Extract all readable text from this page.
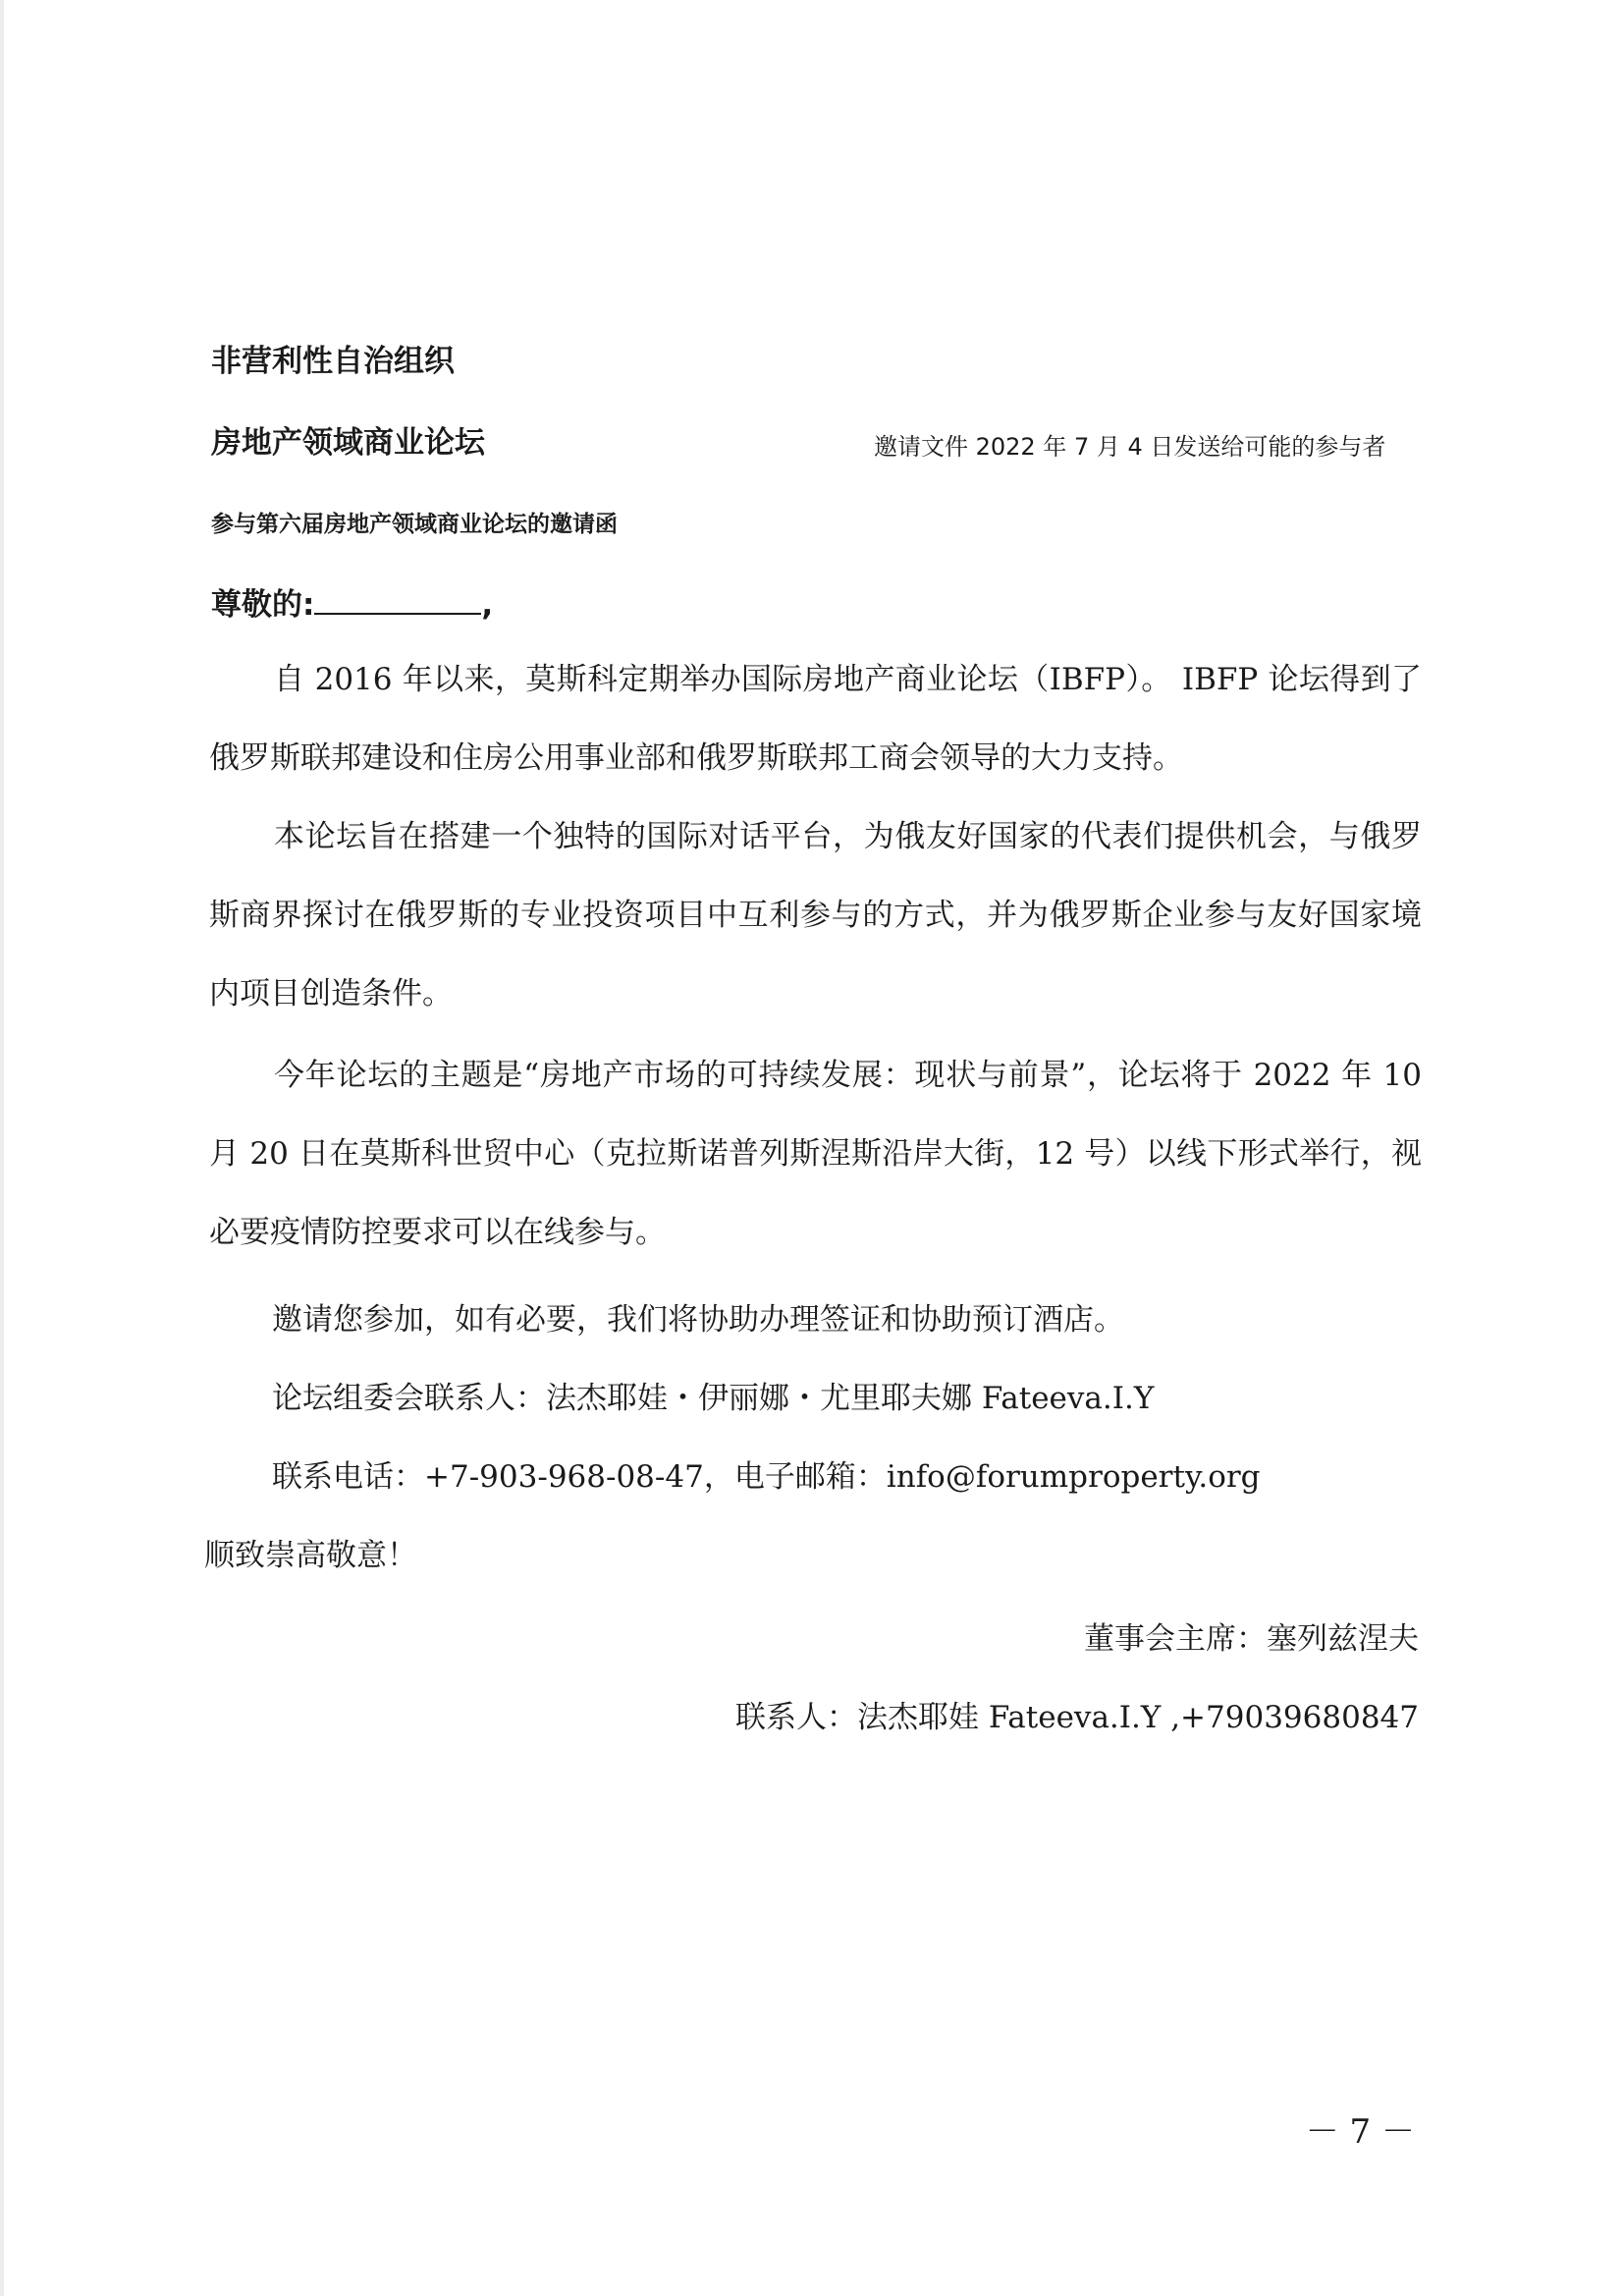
非营利性自治组织
房地产领域商业论坛	邀请文件 2022 年 7 月 4 日发送给可能的参与者
参与第六届房地产领域商业论坛的邀请函
尊敬的:	,
自 2016 年以来，莫斯科定期举办国际房地产商业论坛（IBFP）。 IBFP 论坛得到了俄罗斯联邦建设和住房公用事业部和俄罗斯联邦工商会领导的大力支持。
本论坛旨在搭建一个独特的国际对话平台，为俄友好国家的代表们提供机会，与俄罗斯商界探讨在俄罗斯的专业投资项目中互利参与的方式，并为俄罗斯企业参与友好国家境内项目创造条件。
今年论坛的主题是“房地产市场的可持续发展：现状与前景”，论坛将于 2022 年 10 月 20 日在莫斯科世贸中心（克拉斯诺普列斯涅斯沿岸大街，12 号）以线下形式举行，视必要疫情防控要求可以在线参与。
邀请您参加，如有必要，我们将协助办理签证和协助预订酒店。
论坛组委会联系人：法杰耶娃・伊丽娜・尤里耶夫娜 Fateeva.I.Y
联系电话：+7-903-968-08-47，电子邮箱：info@forumproperty.org
顺致崇高敬意！
董事会主席：塞列兹涅夫
联系人：法杰耶娃 Fateeva.I.Y ,+79039680847
－ 7 －
